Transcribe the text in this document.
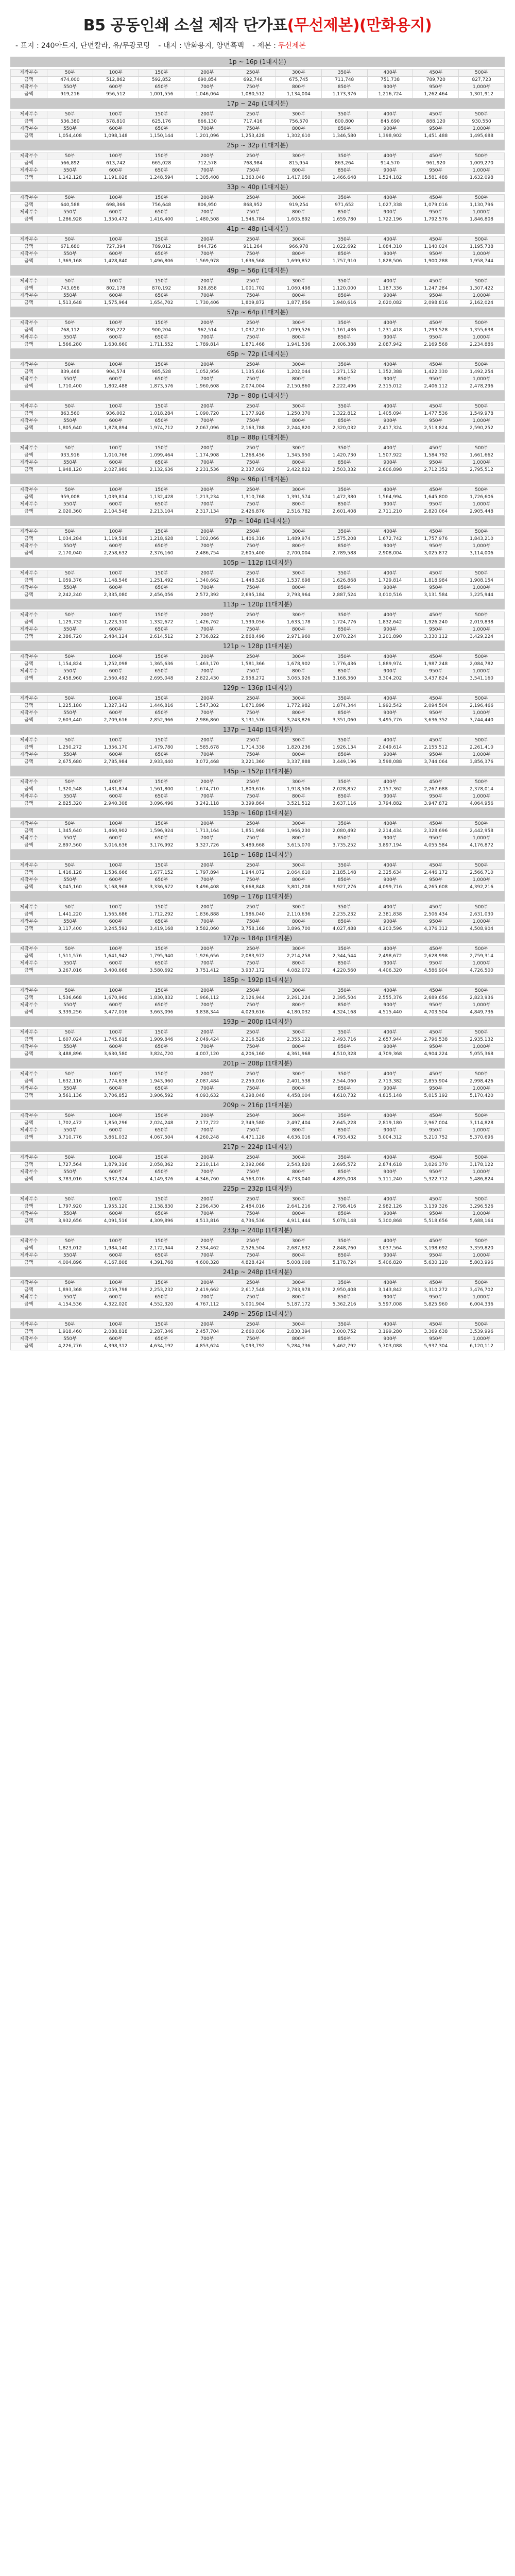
B5 공동인쇄 소설 제작 단가표(무선제본)(만화용지)
- 표지 : 240아트지, 단면칼라, 유/무광코팅 - 내지 : 만화용지, 양면흑백 - 제본 : 무선제본
1p ~ 16p (1대지분)
제작부수	50부	100부	150부	200부	250부	300부	350부	400부	450부	500부
금액	474,000	512,862	592,852	690,854	692,746	675,745	711,748	751,738	789,720	827,723
제작부수	550부	600부	650부	700부	750부	800부	850부	900부	950부	1,000부
금액	919,216	956,512	1,001,556	1,046,064	1,080,512	1,134,004	1,173,376	1,216,724	1,262,464	1,301,912
17p ~ 24p (1대지분)
제작부수	50부	100부	150부	200부	250부	300부	350부	400부	450부	500부
금액	536,380	578,810	625,176	666,130	717,416	756,570	800,800	845,690	888,120	930,550
제작부수	550부	600부	650부	700부	750부	800부	850부	900부	950부	1,000부
금액	1,054,408	1,098,148	1,150,144	1,201,096	1,253,428	1,302,610	1,346,580	1,398,902	1,451,488	1,495,688
25p ~ 32p (1대지분)
제작부수	50부	100부	150부	200부	250부	300부	350부	400부	450부	500부
금액	566,892	613,742	665,028	712,578	768,984	815,954	863,264	914,570	961,920	1,009,270
제작부수	550부	600부	650부	700부	750부	800부	850부	900부	950부	1,000부
금액	1,142,128	1,191,028	1,248,594	1,305,408	1,363,048	1,417,050	1,466,648	1,524,182	1,581,488	1,632,098
33p ~ 40p (1대지분)
제작부수	50부	100부	150부	200부	250부	300부	350부	400부	450부	500부
금액	640,588	698,366	756,648	806,950	868,952	919,254	971,652	1,027,338	1,079,016	1,130,796
제작부수	550부	600부	650부	700부	750부	800부	850부	900부	950부	1,000부
금액	1,286,928	1,350,472	1,416,400	1,480,508	1,546,784	1,605,892	1,659,780	1,722,196	1,792,576	1,846,808
41p ~ 48p (1대지분)
제작부수	50부	100부	150부	200부	250부	300부	350부	400부	450부	500부
금액	671,680	727,394	789,012	844,726	911,264	966,978	1,022,692	1,084,310	1,140,024	1,195,738
제작부수	550부	600부	650부	700부	750부	800부	850부	900부	950부	1,000부
금액	1,369,168	1,428,840	1,496,806	1,569,978	1,636,568	1,699,852	1,757,910	1,828,506	1,900,288	1,958,744
49p ~ 56p (1대지분)
제작부수	50부	100부	150부	200부	250부	300부	350부	400부	450부	500부
금액	743,056	802,178	870,192	928,858	1,001,702	1,060,498	1,120,000	1,187,336	1,247,284	1,307,422
제작부수	550부	600부	650부	700부	750부	800부	850부	900부	950부	1,000부
금액	1,513,648	1,575,964	1,654,702	1,730,406	1,809,872	1,877,856	1,940,616	2,020,082	2,098,816	2,162,024
57p ~ 64p (1대지분)
제작부수	50부	100부	150부	200부	250부	300부	350부	400부	450부	500부
금액	768,112	830,222	900,204	962,514	1,037,210	1,099,526	1,161,436	1,231,418	1,293,528	1,355,638
제작부수	550부	600부	650부	700부	750부	800부	850부	900부	950부	1,000부
금액	1,566,280	1,630,660	1,711,552	1,789,814	1,871,468	1,941,536	2,006,388	2,087,942	2,169,568	2,234,886
65p ~ 72p (1대지분)
제작부수	50부	100부	150부	200부	250부	300부	350부	400부	450부	500부
금액	839,468	904,574	985,528	1,052,956	1,135,616	1,202,044	1,271,152	1,352,388	1,422,330	1,492,254
제작부수	550부	600부	650부	700부	750부	800부	850부	900부	950부	1,000부
금액	1,710,400	1,802,488	1,873,576	1,960,608	2,074,004	2,150,860	2,222,496	2,315,012	2,406,112	2,478,296
73p ~ 80p (1대지분)
제작부수	50부	100부	150부	200부	250부	300부	350부	400부	450부	500부
금액	863,560	936,002	1,018,284	1,090,720	1,177,928	1,250,370	1,322,812	1,405,094	1,477,536	1,549,978
제작부수	550부	600부	650부	700부	750부	800부	850부	900부	950부	1,000부
금액	1,805,640	1,878,894	1,974,712	2,067,096	2,163,788	2,244,820	2,320,032	2,417,324	2,513,824	2,590,252
81p ~ 88p (1대지분)
제작부수	50부	100부	150부	200부	250부	300부	350부	400부	450부	500부
금액	933,916	1,010,766	1,099,464	1,174,908	1,268,456	1,345,950	1,420,730	1,507,922	1,584,792	1,661,662
제작부수	550부	600부	650부	700부	750부	800부	850부	900부	950부	1,000부
금액	1,948,120	2,027,980	2,132,636	2,231,536	2,337,002	2,422,822	2,503,332	2,606,898	2,712,352	2,795,512
89p ~ 96p (1대지분)
제작부수	50부	100부	150부	200부	250부	300부	350부	400부	450부	500부
금액	959,008	1,039,814	1,132,428	1,213,234	1,310,768	1,391,574	1,472,380	1,564,994	1,645,800	1,726,606
제작부수	550부	600부	650부	700부	750부	800부	850부	900부	950부	1,000부
금액	2,020,360	2,104,548	2,213,104	2,317,134	2,426,876	2,516,782	2,601,408	2,711,210	2,820,064	2,905,448
97p ~ 104p (1대지분)
제작부수	50부	100부	150부	200부	250부	300부	350부	400부	450부	500부
금액	1,034,284	1,119,518	1,218,628	1,302,066	1,406,316	1,489,974	1,575,208	1,672,742	1,757,976	1,843,210
제작부수	550부	600부	650부	700부	750부	800부	850부	900부	950부	1,000부
금액	2,170,040	2,258,632	2,376,160	2,486,754	2,605,400	2,700,004	2,789,588	2,908,004	3,025,872	3,114,006
105p ~ 112p (1대지분)
제작부수	50부	100부	150부	200부	250부	300부	350부	400부	450부	500부
금액	1,059,376	1,148,546	1,251,492	1,340,662	1,448,528	1,537,698	1,626,868	1,729,814	1,818,984	1,908,154
제작부수	550부	600부	650부	700부	750부	800부	850부	900부	950부	1,000부
금액	2,242,240	2,335,080	2,456,056	2,572,392	2,695,184	2,793,964	2,887,524	3,010,516	3,131,584	3,225,944
113p ~ 120p (1대지분)
제작부수	50부	100부	150부	200부	250부	300부	350부	400부	450부	500부
금액	1,129,732	1,223,310	1,332,672	1,426,762	1,539,056	1,633,178	1,724,776	1,832,642	1,926,240	2,019,838
제작부수	550부	600부	650부	700부	750부	800부	850부	900부	950부	1,000부
금액	2,386,720	2,484,124	2,614,512	2,736,822	2,868,498	2,971,960	3,070,224	3,201,890	3,330,112	3,429,224
121p ~ 128p (1대지분)
제작부수	50부	100부	150부	200부	250부	300부	350부	400부	450부	500부
금액	1,154,824	1,252,098	1,365,636	1,463,170	1,581,366	1,678,902	1,776,436	1,889,974	1,987,248	2,084,782
제작부수	550부	600부	650부	700부	750부	800부	850부	900부	950부	1,000부
금액	2,458,960	2,560,492	2,695,048	2,822,430	2,958,272	3,065,926	3,168,360	3,304,202	3,437,824	3,541,160
129p ~ 136p (1대지분)
제작부수	50부	100부	150부	200부	250부	300부	350부	400부	450부	500부
금액	1,225,180	1,327,142	1,446,816	1,547,302	1,671,896	1,772,982	1,874,344	1,992,542	2,094,504	2,196,466
제작부수	550부	600부	650부	700부	750부	800부	850부	900부	950부	1,000부
금액	2,603,440	2,709,616	2,852,966	2,986,860	3,131,576	3,243,826	3,351,060	3,495,776	3,636,352	3,744,440
137p ~ 144p (1대지분)
제작부수	50부	100부	150부	200부	250부	300부	350부	400부	450부	500부
금액	1,250,272	1,356,170	1,479,780	1,585,678	1,714,338	1,820,236	1,926,134	2,049,614	2,155,512	2,261,410
제작부수	550부	600부	650부	700부	750부	800부	850부	900부	950부	1,000부
금액	2,675,680	2,785,984	2,933,440	3,072,468	3,221,360	3,337,888	3,449,196	3,598,088	3,744,064	3,856,376
145p ~ 152p (1대지분)
제작부수	50부	100부	150부	200부	250부	300부	350부	400부	450부	500부
금액	1,320,548	1,431,874	1,561,800	1,674,710	1,809,616	1,918,506	2,028,852	2,157,362	2,267,688	2,378,014
제작부수	550부	600부	650부	700부	750부	800부	850부	900부	950부	1,000부
금액	2,825,320	2,940,308	3,096,496	3,242,118	3,399,864	3,521,512	3,637,116	3,794,882	3,947,872	4,064,956
153p ~ 160p (1대지분)
제작부수	50부	100부	150부	200부	250부	300부	350부	400부	450부	500부
금액	1,345,640	1,460,902	1,596,924	1,713,164	1,851,968	1,966,230	2,080,492	2,214,434	2,328,696	2,442,958
제작부수	550부	600부	650부	700부	750부	800부	850부	900부	950부	1,000부
금액	2,897,560	3,016,636	3,176,992	3,327,726	3,489,668	3,615,070	3,735,252	3,897,194	4,055,584	4,176,872
161p ~ 168p (1대지분)
제작부수	50부	100부	150부	200부	250부	300부	350부	400부	450부	500부
금액	1,416,128	1,536,666	1,677,152	1,797,894	1,944,072	2,064,610	2,185,148	2,325,634	2,446,172	2,566,710
제작부수	550부	600부	650부	700부	750부	800부	850부	900부	950부	1,000부
금액	3,045,160	3,168,968	3,336,672	3,496,408	3,668,848	3,801,208	3,927,276	4,099,716	4,265,608	4,392,216
169p ~ 176p (1대지분)
제작부수	50부	100부	150부	200부	250부	300부	350부	400부	450부	500부
금액	1,441,220	1,565,686	1,712,292	1,836,888	1,986,040	2,110,636	2,235,232	2,381,838	2,506,434	2,631,030
제작부수	550부	600부	650부	700부	750부	800부	850부	900부	950부	1,000부
금액	3,117,400	3,245,592	3,419,168	3,582,060	3,758,168	3,896,700	4,027,488	4,203,596	4,376,312	4,508,904
177p ~ 184p (1대지분)
제작부수	50부	100부	150부	200부	250부	300부	350부	400부	450부	500부
금액	1,511,576	1,641,942	1,795,940	1,926,656	2,083,972	2,214,258	2,344,544	2,498,672	2,628,998	2,759,314
제작부수	550부	600부	650부	700부	750부	800부	850부	900부	950부	1,000부
금액	3,267,016	3,400,668	3,580,692	3,751,412	3,937,172	4,082,072	4,220,560	4,406,320	4,586,904	4,726,500
185p ~ 192p (1대지분)
제작부수	50부	100부	150부	200부	250부	300부	350부	400부	450부	500부
금액	1,536,668	1,670,960	1,830,832	1,966,112	2,126,944	2,261,224	2,395,504	2,555,376	2,689,656	2,823,936
제작부수	550부	600부	650부	700부	750부	800부	850부	900부	950부	1,000부
금액	3,339,256	3,477,016	3,663,096	3,838,344	4,029,616	4,180,032	4,324,168	4,515,440	4,703,504	4,849,736
193p ~ 200p (1대지분)
제작부수	50부	100부	150부	200부	250부	300부	350부	400부	450부	500부
금액	1,607,024	1,745,618	1,909,846	2,049,424	2,216,528	2,355,122	2,493,716	2,657,944	2,796,538	2,935,132
제작부수	550부	600부	650부	700부	750부	800부	850부	900부	950부	1,000부
금액	3,488,896	3,630,580	3,824,720	4,007,120	4,206,160	4,361,968	4,510,328	4,709,368	4,904,224	5,055,368
201p ~ 208p (1대지분)
제작부수	50부	100부	150부	200부	250부	300부	350부	400부	450부	500부
금액	1,632,116	1,774,638	1,943,960	2,087,484	2,259,016	2,401,538	2,544,060	2,713,382	2,855,904	2,998,426
제작부수	550부	600부	650부	700부	750부	800부	850부	900부	950부	1,000부
금액	3,561,136	3,706,852	3,906,592	4,093,632	4,298,048	4,458,004	4,610,732	4,815,148	5,015,192	5,170,420
209p ~ 216p (1대지분)
제작부수	50부	100부	150부	200부	250부	300부	350부	400부	450부	500부
금액	1,702,472	1,850,296	2,024,248	2,172,722	2,349,580	2,497,404	2,645,228	2,819,180	2,967,004	3,114,828
제작부수	550부	600부	650부	700부	750부	800부	850부	900부	950부	1,000부
금액	3,710,776	3,861,032	4,067,504	4,260,248	4,471,128	4,636,016	4,793,432	5,004,312	5,210,752	5,370,696
217p ~ 224p (1대지분)
제작부수	50부	100부	150부	200부	250부	300부	350부	400부	450부	500부
금액	1,727,564	1,879,316	2,058,362	2,210,114	2,392,068	2,543,820	2,695,572	2,874,618	3,026,370	3,178,122
제작부수	550부	600부	650부	700부	750부	800부	850부	900부	950부	1,000부
금액	3,783,016	3,937,324	4,149,376	4,346,760	4,563,016	4,733,040	4,895,008	5,111,240	5,322,712	5,486,824
225p ~ 232p (1대지분)
제작부수	50부	100부	150부	200부	250부	300부	350부	400부	450부	500부
금액	1,797,920	1,955,120	2,138,830	2,296,430	2,484,016	2,641,216	2,798,416	2,982,126	3,139,326	3,296,526
제작부수	550부	600부	650부	700부	750부	800부	850부	900부	950부	1,000부
금액	3,932,656	4,091,516	4,309,896	4,513,816	4,736,536	4,911,444	5,078,148	5,300,868	5,518,656	5,688,164
233p ~ 240p (1대지분)
제작부수	50부	100부	150부	200부	250부	300부	350부	400부	450부	500부
금액	1,823,012	1,984,140	2,172,944	2,334,462	2,526,504	2,687,632	2,848,760	3,037,564	3,198,692	3,359,820
제작부수	550부	600부	650부	700부	750부	800부	850부	900부	950부	1,000부
금액	4,004,896	4,167,808	4,391,768	4,600,328	4,828,424	5,008,008	5,178,724	5,406,820	5,630,120	5,803,996
241p ~ 248p (1대지분)
제작부수	50부	100부	150부	200부	250부	300부	350부	400부	450부	500부
금액	1,893,368	2,059,798	2,253,232	2,419,662	2,617,548	2,783,978	2,950,408	3,143,842	3,310,272	3,476,702
제작부수	550부	600부	650부	700부	750부	800부	850부	900부	950부	1,000부
금액	4,154,536	4,322,020	4,552,320	4,767,112	5,001,904	5,187,172	5,362,216	5,597,008	5,825,960	6,004,336
249p ~ 256p (1대지분)
제작부수	50부	100부	150부	200부	250부	300부	350부	400부	450부	500부
금액	1,918,460	2,088,818	2,287,346	2,457,704	2,660,036	2,830,394	3,000,752	3,199,280	3,369,638	3,539,996
제작부수	550부	600부	650부	700부	750부	800부	850부	900부	950부	1,000부
금액	4,226,776	4,398,312	4,634,192	4,853,624	5,093,792	5,284,736	5,462,792	5,703,088	5,937,304	6,120,112
